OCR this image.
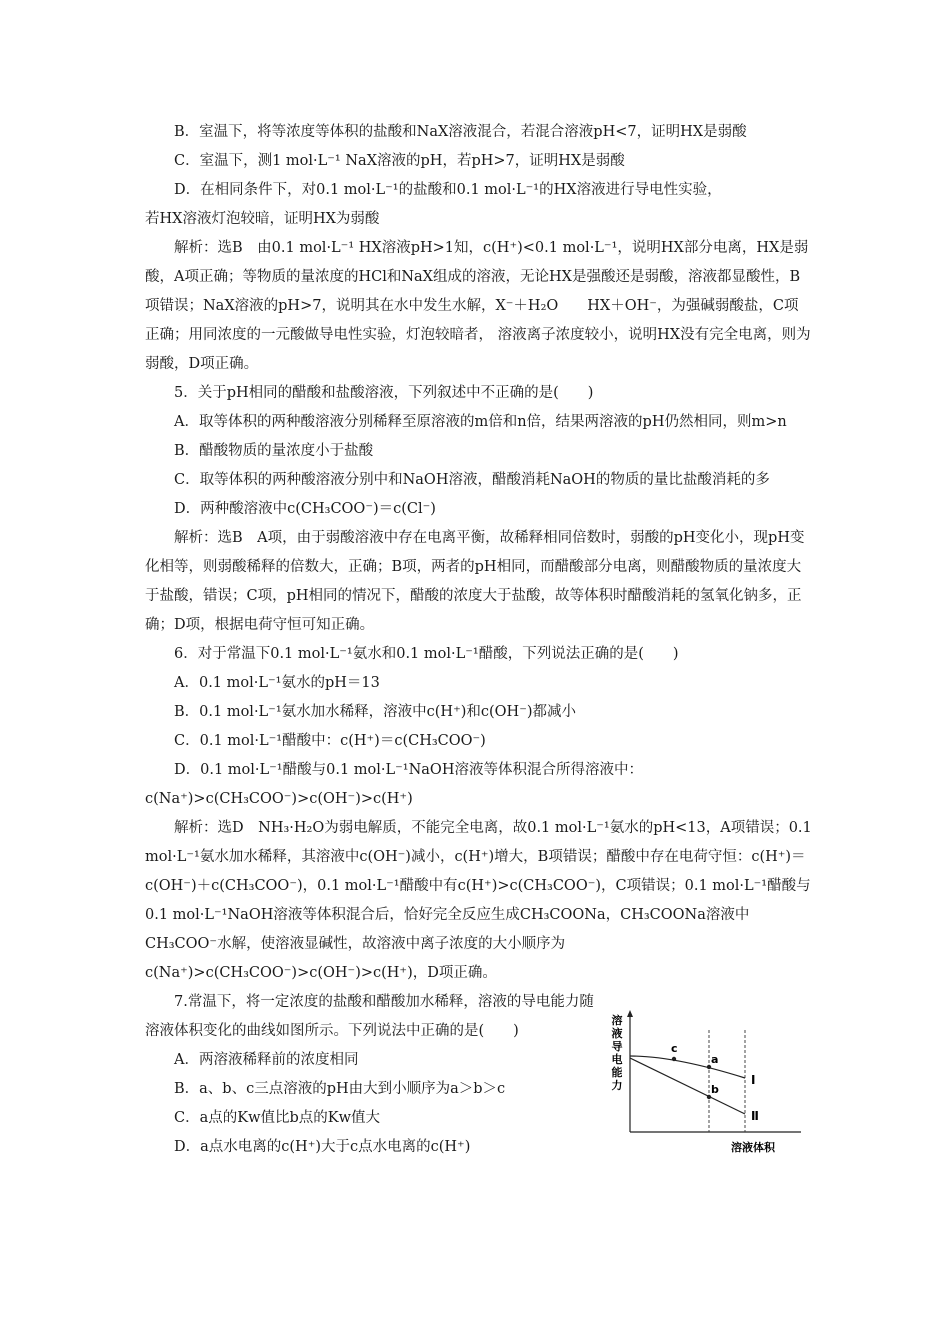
B．室温下，将等浓度等体积的盐酸和NaX溶液混合，若混合溶液pH<7，证明HX是弱酸

C．室温下，测1 mol·L⁻¹ NaX溶液的pH，若pH>7，证明HX是弱酸

D．在相同条件下，对0.1 mol·L⁻¹的盐酸和0.1 mol·L⁻¹的HX溶液进行导电性实验，

若HX溶液灯泡较暗，证明HX为弱酸

解析：选B　由0.1 mol·L⁻¹ HX溶液pH>1知，c(H⁺)<0.1 mol·L⁻¹，说明HX部分电离，HX是弱酸，A项正确；等物质的量浓度的HCl和NaX组成的溶液，无论HX是强酸还是弱酸，溶液都显酸性，B项错误；NaX溶液的pH>7，说明其在水中发生水解，X⁻＋H₂O　　HX＋OH⁻，为强碱弱酸盐，C项正确；用同浓度的一元酸做导电性实验，灯泡较暗者， 溶液离子浓度较小，说明HX没有完全电离，则为弱酸，D项正确。

5．关于pH相同的醋酸和盐酸溶液，下列叙述中不正确的是(　　)

A．取等体积的两种酸溶液分别稀释至原溶液的m倍和n倍，结果两溶液的pH仍然相同，则m>n

B．醋酸物质的量浓度小于盐酸

C．取等体积的两种酸溶液分别中和NaOH溶液，醋酸消耗NaOH的物质的量比盐酸消耗的多

D．两种酸溶液中c(CH₃COO⁻)＝c(Cl⁻)

解析：选B　A项，由于弱酸溶液中存在电离平衡，故稀释相同倍数时，弱酸的pH变化小，现pH变化相等，则弱酸稀释的倍数大，正确；B项，两者的pH相同，而醋酸部分电离，则醋酸物质的量浓度大于盐酸，错误；C项，pH相同的情况下，醋酸的浓度大于盐酸，故等体积时醋酸消耗的氢氧化钠多，正确；D项，根据电荷守恒可知正确。

6．对于常温下0.1 mol·L⁻¹氨水和0.1 mol·L⁻¹醋酸，下列说法正确的是(　　)

A．0.1 mol·L⁻¹氨水的pH＝13

B．0.1 mol·L⁻¹氨水加水稀释，溶液中c(H⁺)和c(OH⁻)都减小

C．0.1 mol·L⁻¹醋酸中：c(H⁺)＝c(CH₃COO⁻)

D．0.1 mol·L⁻¹醋酸与0.1 mol·L⁻¹NaOH溶液等体积混合所得溶液中：c(Na⁺)>c(CH₃COO⁻)>c(OH⁻)>c(H⁺)

解析：选D　NH₃·H₂O为弱电解质，不能完全电离，故0.1 mol·L⁻¹氨水的pH<13，A项错误；0.1 mol·L⁻¹氨水加水稀释，其溶液中c(OH⁻)减小，c(H⁺)增大，B项错误；醋酸中存在电荷守恒：c(H⁺)＝c(OH⁻)＋c(CH₃COO⁻)，0.1 mol·L⁻¹醋酸中有c(H⁺)>c(CH₃COO⁻)，C项错误；0.1 mol·L⁻¹醋酸与0.1 mol·L⁻¹NaOH溶液等体积混合后，恰好完全反应生成CH₃COONa，CH₃COONa溶液中CH₃COO⁻水解，使溶液显碱性，故溶液中离子浓度的大小顺序为c(Na⁺)>c(CH₃COO⁻)>c(OH⁻)>c(H⁺)，D项正确。

7.常温下，将一定浓度的盐酸和醋酸加水稀释，溶液的导电能力随溶液体积变化的曲线如图所示。下列说法中正确的是(　　)

A．两溶液稀释前的浓度相同

B．a、b、c三点溶液的pH由大到小顺序为a＞b＞c

C．a点的Kw值比b点的Kw值大

D．a点水电离的c(H⁺)大于c点水电离的c(H⁺)

溶
液
导
电
能
力
c
a
b
Ⅰ
Ⅱ
溶液体积
